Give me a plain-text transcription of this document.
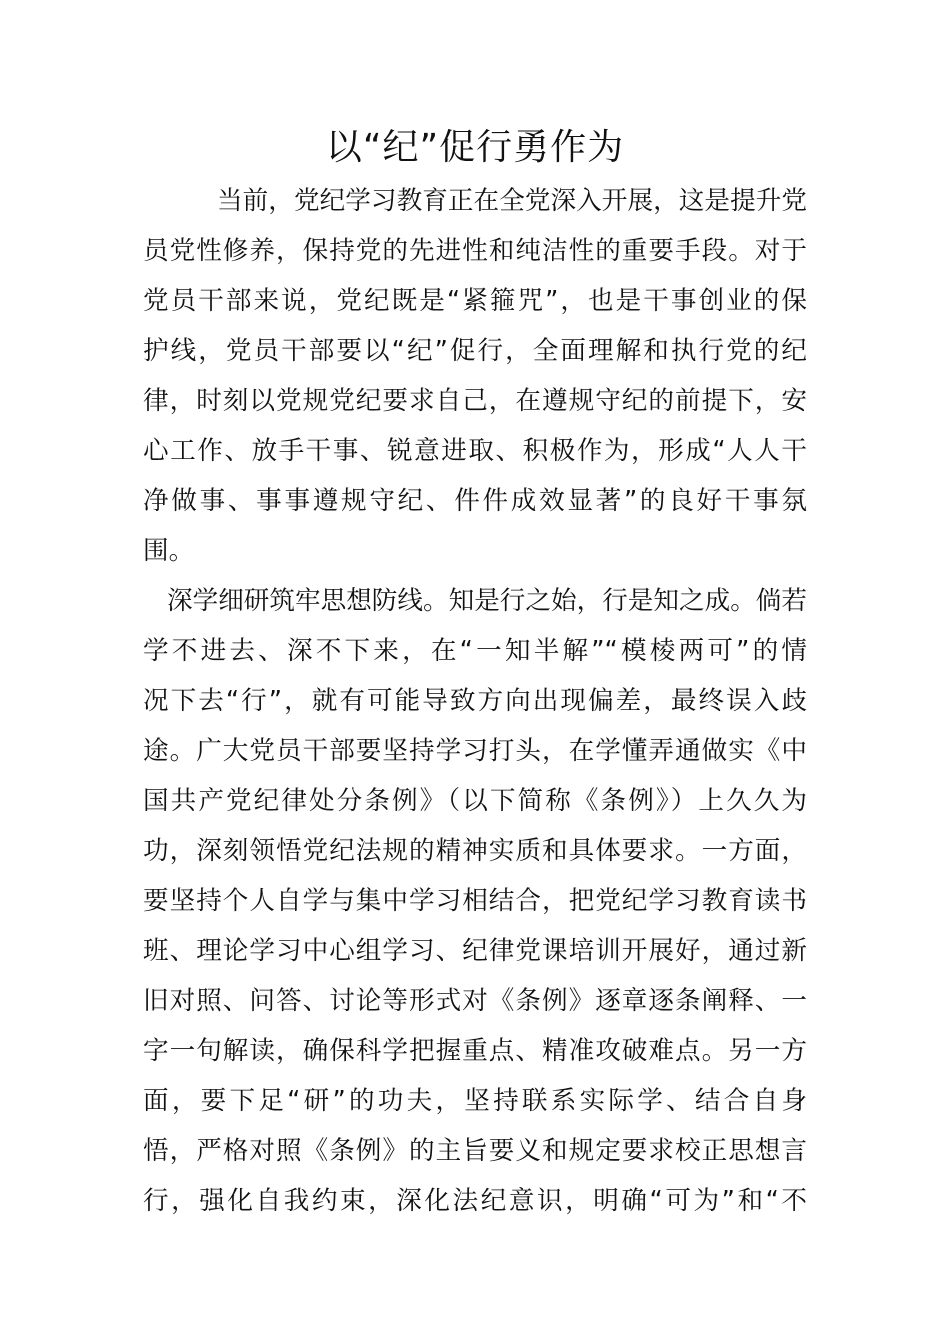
以“纪”促行勇作为
当前，党纪学习教育正在全党深入开展，这是提升党
员党性修养，保持党的先进性和纯洁性的重要手段。对于
党员干部来说，党纪既是“紧箍咒”，也是干事创业的保
护线，党员干部要以“纪”促行，全面理解和执行党的纪
律，时刻以党规党纪要求自己，在遵规守纪的前提下，安
心工作、放手干事、锐意进取、积极作为，形成“人人干
净做事、事事遵规守纪、件件成效显著”的良好干事氛
围。
深学细研筑牢思想防线。知是行之始，行是知之成。倘若
学不进去、深不下来，在“一知半解”“模棱两可”的情
况下去“行”，就有可能导致方向出现偏差，最终误入歧
途。广大党员干部要坚持学习打头，在学懂弄通做实《中
国共产党纪律处分条例》（以下简称《条例》）上久久为
功，深刻领悟党纪法规的精神实质和具体要求。一方面，
要坚持个人自学与集中学习相结合，把党纪学习教育读书
班、理论学习中心组学习、纪律党课培训开展好，通过新
旧对照、问答、讨论等形式对《条例》逐章逐条阐释、一
字一句解读，确保科学把握重点、精准攻破难点。另一方
面，要下足“研”的功夫，坚持联系实际学、结合自身
悟，严格对照《条例》的主旨要义和规定要求校正思想言
行，强化自我约束，深化法纪意识，明确“可为”和“不
